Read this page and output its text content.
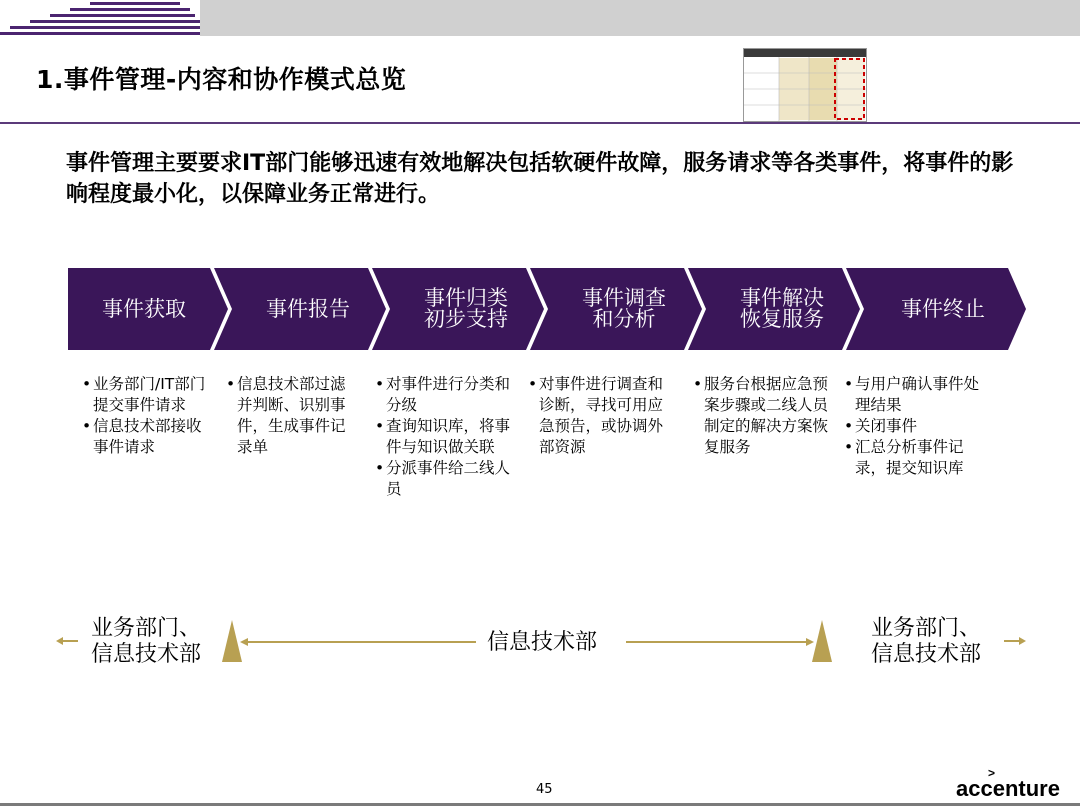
1.事件管理-内容和协作模式总览
事件管理主要要求IT部门能够迅速有效地解决包括软硬件故障，服务请求等各类事件，将事件的影响程度最小化，以保障业务正常进行。
事件获取	事件报告	事件归类
初步支持
事件调查
和分析
事件解决
恢复服务	事件终止
• 业务部门/IT部门提交事件请求
• 信息技术部接收事件请求
• 信息技术部过滤并判断、识别事件，生成事件记录单
• 对事件进行分类和分级
• 查询知识库，将事件与知识做关联
• 分派事件给二线人员
• 对事件进行调查和诊断，寻找可用应急预告，或协调外部资源
• 服务台根据应急预案步骤或二线人员制定的解决方案恢复服务
• 与用户确认事件处理结果
• 关闭事件
• 汇总分析事件记录，提交知识库
业务部门、
信息技术部	信息技术部
业务部门、
信息技术部
45
>
accenture
